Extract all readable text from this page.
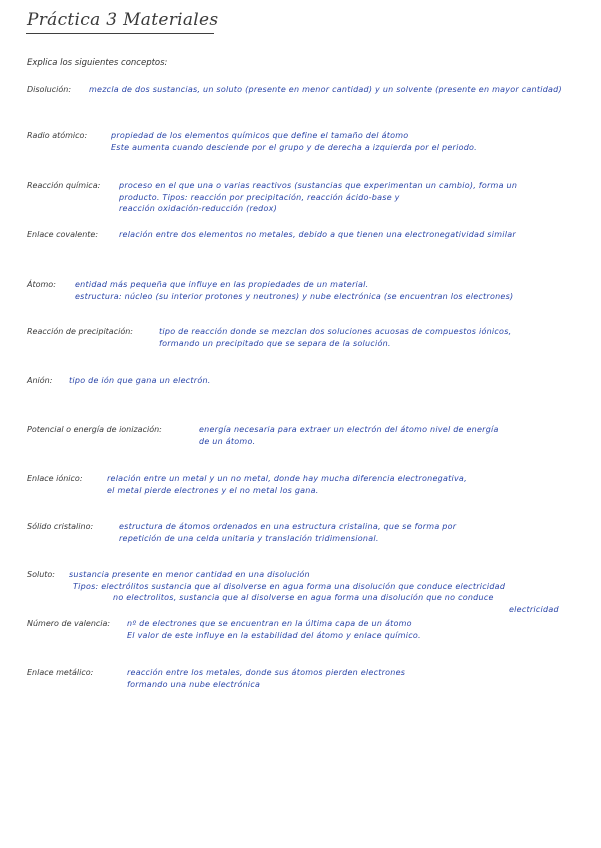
Práctica 3 Materiales
Explica los siguientes conceptos:
Disolución: mezcla de dos sustancias, un soluto (presente en menor cantidad) y un solvente (presente en mayor cantidad)
Radio atómico:	propiedad de los elementos químicos que define el tamaño del átomo
Este aumenta cuando desciende por el grupo y de derecha a izquierda por el periodo.
Reacción química: proceso en el que una o varias reactivos (sustancias que experimentan un cambio), forma un
producto. Tipos: reacción por precipitación, reacción ácido-base y
reacción oxidación-reducción (redox)
Enlace covalente:	relación entre dos elementos no metales, debido a que tienen una electronegatividad similar
Átomo: entidad más pequeña que influye en las propiedades de un material.
estructura: núcleo (su interior protones y neutrones) y nube electrónica (se encuentran los electrones)
Reacción de precipitación:	tipo de reacción donde se mezclan dos soluciones acuosas de compuestos iónicos,
formando un precipitado que se separa de la solución.
Anión: tipo de ión que gana un electrón.
Potencial o energía de ionización:	energía necesaria para extraer un electrón del átomo nivel de energía
de un átomo.
Enlace iónico:	relación entre un metal y un no metal, donde hay mucha diferencia electronegativa,
el metal pierde electrones y el no metal los gana.
Sólido cristalino:	estructura de átomos ordenados en una estructura cristalina, que se forma por
repetición de una celda unitaria y translación tridimensional.
Soluto: sustancia presente en menor cantidad en una disolución
Tipos: electrólitos sustancia que al disolverse en agua forma una disolución que conduce electricidad
no electrolitos, sustancia que al disolverse en agua forma una disolución que no conduce
electricidad
Número de valencia: nº de electrones que se encuentran en la última capa de un átomo
El valor de este influye en la estabilidad del átomo y enlace químico.
Enlace metálico:	reacción entre los metales, donde sus átomos pierden electrones
formando una nube electrónica
